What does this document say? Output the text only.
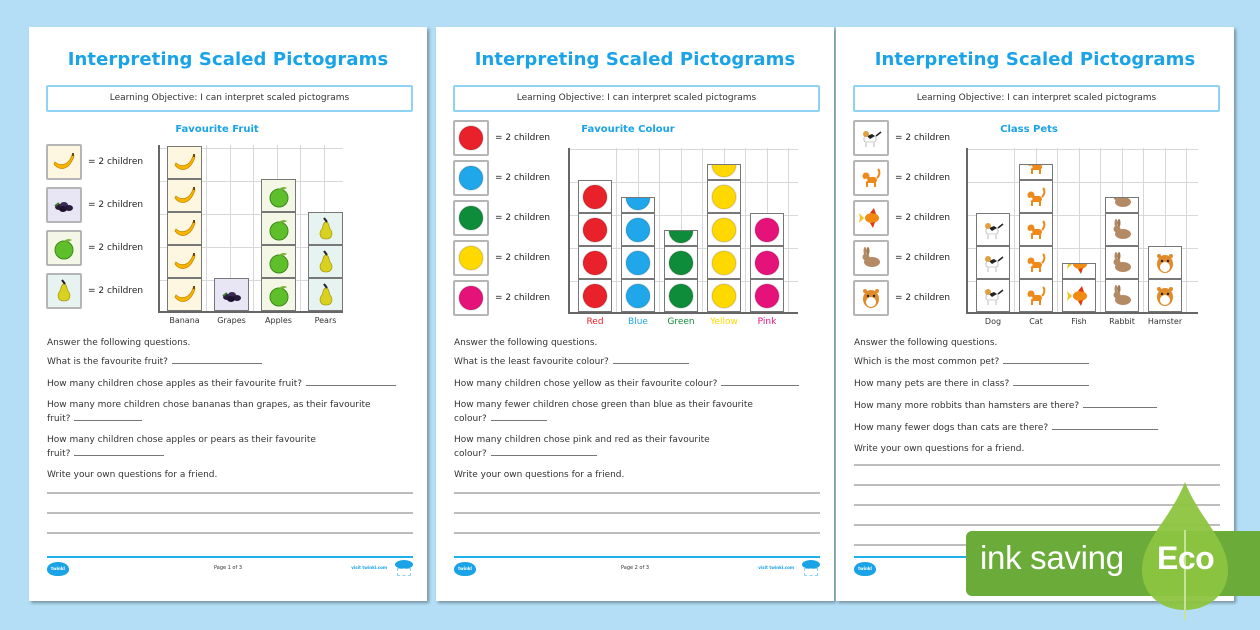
Interpreting Scaled Pictograms
Learning Objective: I can interpret scaled pictograms
Favourite Fruit
= 2 children
= 2 children
= 2 children
= 2 children
Banana	Grapes	Apples	Pears
Answer the following questions.
What is the favourite fruit?
How many children chose apples as their favourite fruit?
How many more children chose bananas than grapes, as their favourite
fruit?
How many children chose apples or pears as their favourite
fruit?
Write your own questions for a friend.
twinkl	Page 1 of 3	visit twinkl.com
Interpreting Scaled Pictograms
Learning Objective: I can interpret scaled pictograms
Favourite Colour
= 2 children
= 2 children
= 2 children
= 2 children
= 2 children
Red	Blue	Green	Yellow	Pink
Answer the following questions.
What is the least favourite colour?
How many children chose yellow as their favourite colour?
How many fewer children chose green than blue as their favourite
colour?
How many children chose pink and red as their favourite
colour?
Write your own questions for a friend.
twinkl	Page 2 of 3	visit twinkl.com
Interpreting Scaled Pictograms
Learning Objective: I can interpret scaled pictograms
Class Pets
= 2 children
= 2 children
= 2 children
= 2 children
= 2 children
Dog	Cat	Fish	Rabbit	Hamster
Answer the following questions.
Which is the most common pet?
How many pets are there in class?
How many more robbits than hamsters are there?
How many fewer dogs than cats are there?
Write your own questions for a friend.
twinkl	ink saving Eco
